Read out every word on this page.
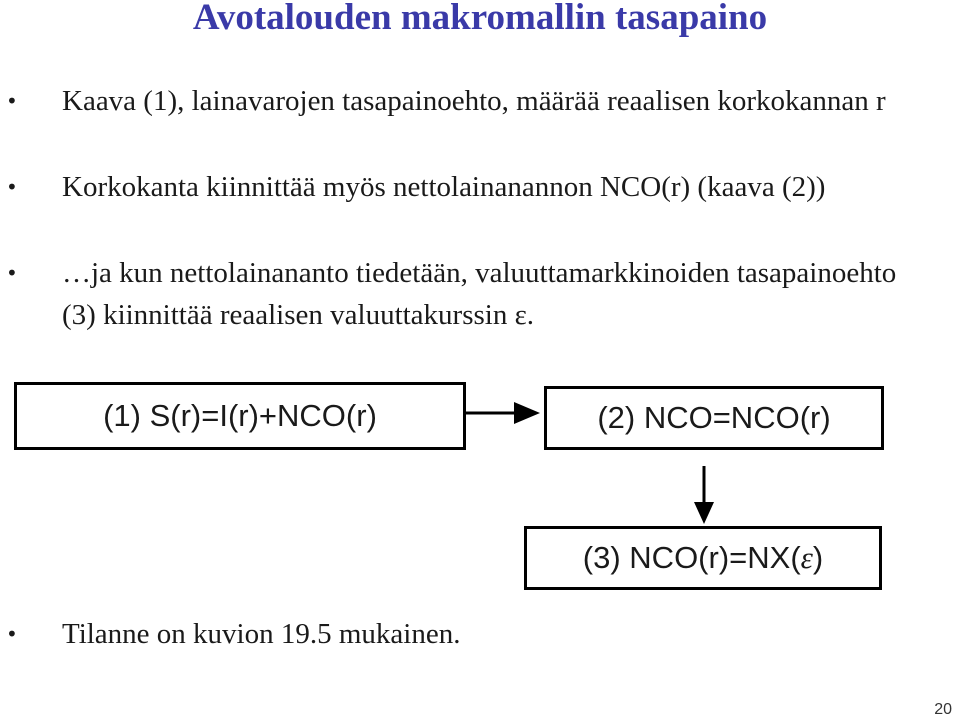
Avotalouden makromallin tasapaino
• Kaava (1), lainavarojen tasapainoehto, määrää reaalisen korkokannan r
• Korkokanta kiinnittää myös nettolainanannon NCO(r) (kaava (2))
• …ja kun nettolainananto tiedetään, valuuttamarkkinoiden tasapainoehto (3) kiinnittää reaalisen valuuttakurssin ε.
(1) S(r)=I(r)+NCO(r)	(2) NCO=NCO(r)
(3) NCO(r)=NX( ε )
• Tilanne on kuvion 19.5 mukainen.
20
